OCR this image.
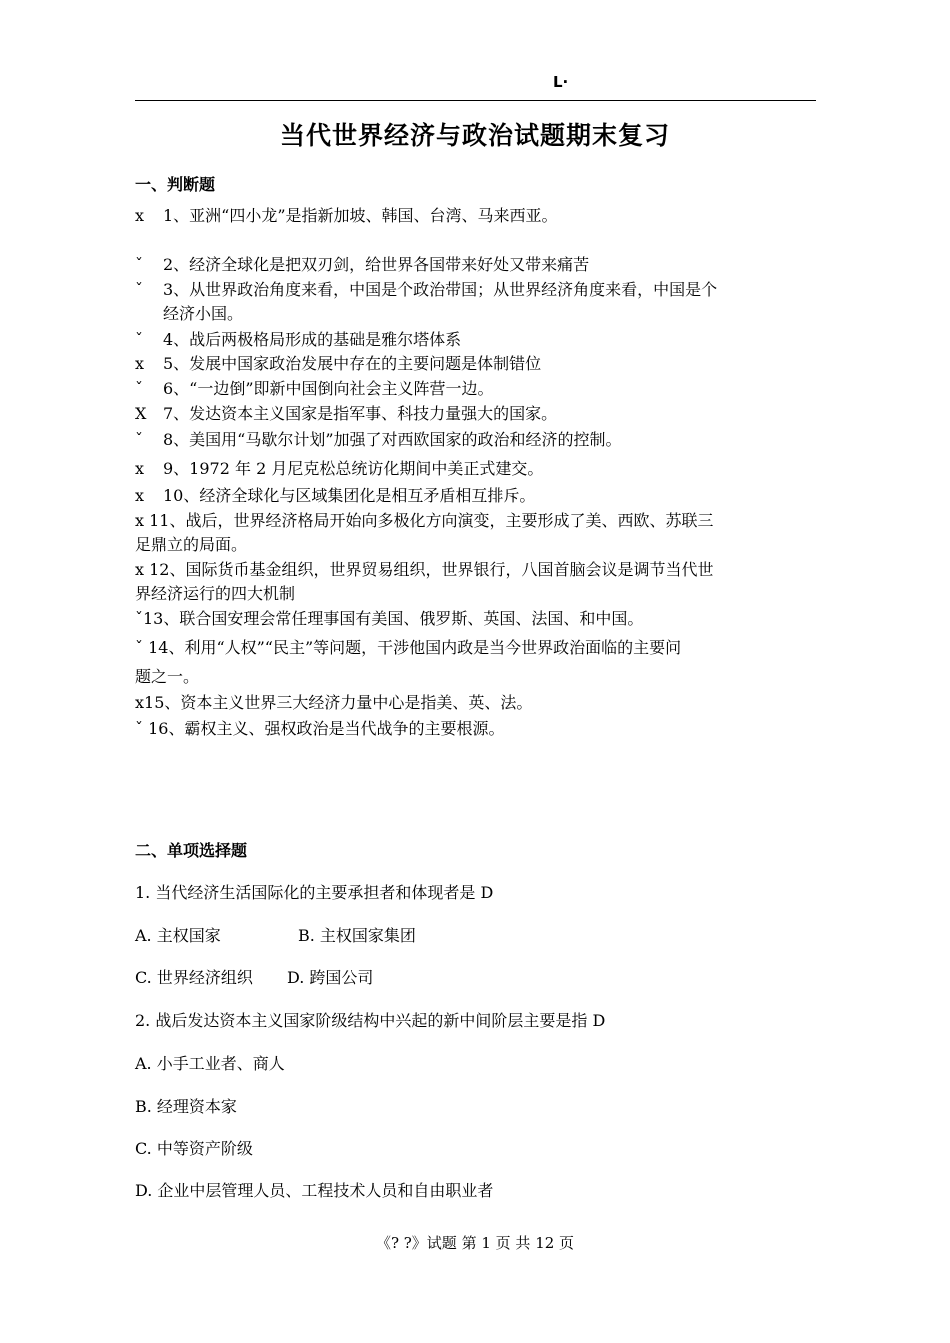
L·
当代世界经济与政治试题期末复习
一、判断题
x 1、亚洲“四小龙”是指新加坡、韩国、台湾、马来西亚。
ˇ 2、经济全球化是把双刃剑，给世界各国带来好处又带来痛苦
ˇ 3、从世界政治角度来看，中国是个政治带国；从世界经济角度来看，中国是个
经济小国。
ˇ 4、战后两极格局形成的基础是雅尔塔体系
x 5、发展中国家政治发展中存在的主要问题是体制错位
ˇ 6、“一边倒”即新中国倒向社会主义阵营一边。
X 7、发达资本主义国家是指军事、科技力量强大的国家。
ˇ 8、美国用“马歇尔计划”加强了对西欧国家的政治和经济的控制。
x 9、1972 年 2 月尼克松总统访化期间中美正式建交。
x 10、经济全球化与区域集团化是相互矛盾相互排斥。
x 11、战后，世界经济格局开始向多极化方向演变，主要形成了美、西欧、苏联三
足鼎立的局面。
x 12、国际货币基金组织，世界贸易组织，世界银行，八国首脑会议是调节当代世
界经济运行的四大机制
ˇ13、联合国安理会常任理事国有美国、俄罗斯、英国、法国、和中国。
ˇ 14、利用“人权”“民主”等问题，干涉他国内政是当今世界政治面临的主要问
题之一。
x15、资本主义世界三大经济力量中心是指美、英、法。
ˇ 16、霸权主义、强权政治是当代战争的主要根源。
二、单项选择题
1. 当代经济生活国际化的主要承担者和体现者是 D
A. 主权国家	B. 主权国家集团
C. 世界经济组织 D. 跨国公司
2. 战后发达资本主义国家阶级结构中兴起的新中间阶层主要是指 D
A. 小手工业者、商人
B. 经理资本家
C. 中等资产阶级
D. 企业中层管理人员、工程技术人员和自由职业者
《? ?》试题 第 1 页 共 12 页
